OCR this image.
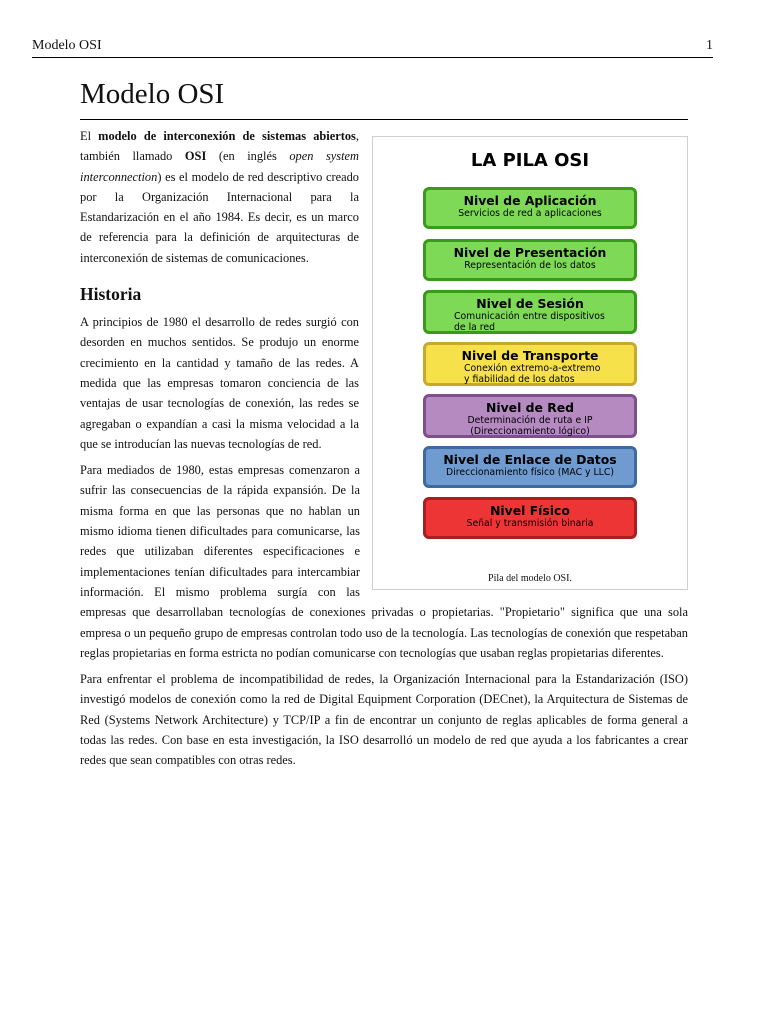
Modelo OSI	1
Modelo OSI
LA PILA OSI
Nivel de Aplicación
Servicios de red a aplicaciones
Nivel de Presentación
Representación de los datos
Nivel de Sesión
Comunicación entre dispositivos de la red
Nivel de Transporte
Conexión extremo-a-extremo y fiabilidad de los datos
Nivel de Red
Determinación de ruta e IP (Direccionamiento lógico)
Nivel de Enlace de Datos
Direccionamiento físico (MAC y LLC)
Nivel Físico
Señal y transmisión binaria
Pila del modelo OSI.

El modelo de interconexión de sistemas abiertos, también llamado OSI (en inglés open system interconnection) es el modelo de red descriptivo creado por la Organización Internacional para la Estandarización en el año 1984. Es decir, es un marco de referencia para la definición de arquitecturas de interconexión de sistemas de comunicaciones.

Historia

A principios de 1980 el desarrollo de redes surgió con desorden en muchos sentidos. Se produjo un enorme crecimiento en la cantidad y tamaño de las redes. A medida que las empresas tomaron conciencia de las ventajas de usar tecnologías de conexión, las redes se agregaban o expandían a casi la misma velocidad a la que se introducían las nuevas tecnologías de red.

Para mediados de 1980, estas empresas comenzaron a sufrir las consecuencias de la rápida expansión. De la misma forma en que las personas que no hablan un mismo idioma tienen dificultades para comunicarse, las redes que utilizaban diferentes especificaciones e implementaciones tenían dificultades para intercambiar información. El mismo problema surgía con las empresas que desarrollaban tecnologías de conexiones privadas o propietarias. "Propietario" significa que una sola empresa o un pequeño grupo de empresas controlan todo uso de la tecnología. Las tecnologías de conexión que respetaban reglas propietarias en forma estricta no podían comunicarse con tecnologías que usaban reglas propietarias diferentes.

Para enfrentar el problema de incompatibilidad de redes, la Organización Internacional para la Estandarización (ISO) investigó modelos de conexión como la red de Digital Equipment Corporation (DECnet), la Arquitectura de Sistemas de Red (Systems Network Architecture) y TCP/IP a fin de encontrar un conjunto de reglas aplicables de forma general a todas las redes. Con base en esta investigación, la ISO desarrolló un modelo de red que ayuda a los fabricantes a crear redes que sean compatibles con otras redes.
